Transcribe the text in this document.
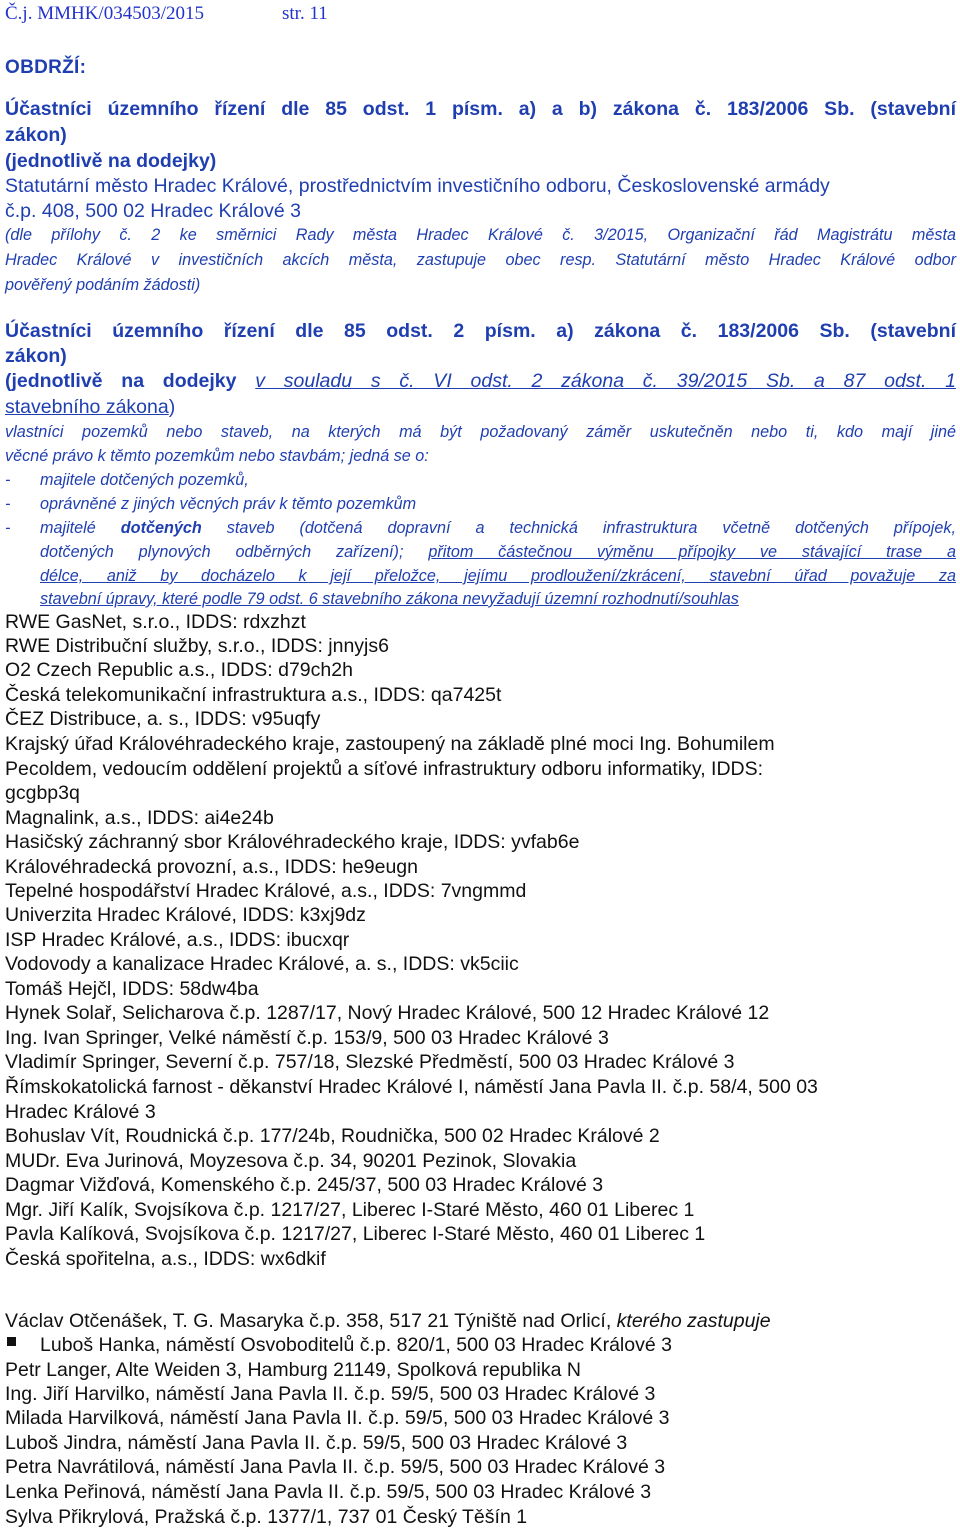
Č.j. MMHK/034503/2015	str. 11
OBDRŽÍ:
Účastníci územního řízení dle 85 odst. 1 písm. a) a b) zákona č. 183/2006 Sb. (stavební
zákon)
(jednotlivě na dodejky)
Statutární město Hradec Králové, prostřednictvím investičního odboru, Československé armády
č.p. 408, 500 02 Hradec Králové 3
(dle přílohy č. 2 ke směrnici Rady města Hradec Králové č. 3/2015, Organizační řád Magistrátu města
Hradec Králové v investičních akcích města, zastupuje obec resp. Statutární město Hradec Králové odbor
pověřený podáním žádosti)
Účastníci územního řízení dle 85 odst. 2 písm. a) zákona č. 183/2006 Sb. (stavební
zákon)
(jednotlivě na dodejky v souladu s č. VI odst. 2 zákona č. 39/2015 Sb. a 87 odst. 1
stavebního zákona)
vlastníci pozemků nebo staveb, na kterých má být požadovaný záměr uskutečněn nebo ti, kdo mají jiné
věcné právo k těmto pozemkům nebo stavbám; jedná se o:
- majitele dotčených pozemků,
- oprávněné z jiných věcných práv k těmto pozemkům
- majitelé dotčených staveb (dotčená dopravní a technická infrastruktura včetně dotčených přípojek,
dotčených plynových odběrných zařízení); přitom částečnou výměnu přípojky ve stávající trase a
délce, aniž by docházelo k její přeložce, jejímu prodloužení/zkrácení, stavební úřad považuje za
stavební úpravy, které podle 79 odst. 6 stavebního zákona nevyžadují územní rozhodnutí/souhlas
RWE GasNet, s.r.o., IDDS: rdxzhzt
RWE Distribuční služby, s.r.o., IDDS: jnnyjs6
O2 Czech Republic a.s., IDDS: d79ch2h
Česká telekomunikační infrastruktura a.s., IDDS: qa7425t
ČEZ Distribuce, a. s., IDDS: v95uqfy
Krajský úřad Královéhradeckého kraje, zastoupený na základě plné moci Ing. Bohumilem
Pecoldem, vedoucím oddělení projektů a síťové infrastruktury odboru informatiky, IDDS:
gcgbp3q
Magnalink, a.s., IDDS: ai4e24b
Hasičský záchranný sbor Královéhradeckého kraje, IDDS: yvfab6e
Královéhradecká provozní, a.s., IDDS: he9eugn
Tepelné hospodářství Hradec Králové, a.s., IDDS: 7vngmmd
Univerzita Hradec Králové, IDDS: k3xj9dz
ISP Hradec Králové, a.s., IDDS: ibucxqr
Vodovody a kanalizace Hradec Králové, a. s., IDDS: vk5ciic
Tomáš Hejčl, IDDS: 58dw4ba
Hynek Solař, Selicharova č.p. 1287/17, Nový Hradec Králové, 500 12 Hradec Králové 12
Ing. Ivan Springer, Velké náměstí č.p. 153/9, 500 03 Hradec Králové 3
Vladimír Springer, Severní č.p. 757/18, Slezské Předměstí, 500 03 Hradec Králové 3
Římskokatolická farnost - děkanství Hradec Králové I, náměstí Jana Pavla II. č.p. 58/4, 500 03
Hradec Králové 3
Bohuslav Vít, Roudnická č.p. 177/24b, Roudnička, 500 02 Hradec Králové 2
MUDr. Eva Jurinová, Moyzesova č.p. 34, 90201 Pezinok, Slovakia
Dagmar Vižďová, Komenského č.p. 245/37, 500 03 Hradec Králové 3
Mgr. Jiří Kalík, Svojsíkova č.p. 1217/27, Liberec I-Staré Město, 460 01 Liberec 1
Pavla Kalíková, Svojsíkova č.p. 1217/27, Liberec I-Staré Město, 460 01 Liberec 1
Česká spořitelna, a.s., IDDS: wx6dkif
Václav Otčenášek, T. G. Masaryka č.p. 358, 517 21 Týniště nad Orlicí, kterého zastupuje
Luboš Hanka, náměstí Osvoboditelů č.p. 820/1, 500 03 Hradec Králové 3
Petr Langer, Alte Weiden 3, Hamburg 21149, Spolková republika N
Ing. Jiří Harvilko, náměstí Jana Pavla II. č.p. 59/5, 500 03 Hradec Králové 3
Milada Harvilková, náměstí Jana Pavla II. č.p. 59/5, 500 03 Hradec Králové 3
Luboš Jindra, náměstí Jana Pavla II. č.p. 59/5, 500 03 Hradec Králové 3
Petra Navrátilová, náměstí Jana Pavla II. č.p. 59/5, 500 03 Hradec Králové 3
Lenka Peřinová, náměstí Jana Pavla II. č.p. 59/5, 500 03 Hradec Králové 3
Sylva Přikrylová, Pražská č.p. 1377/1, 737 01 Český Těšín 1
